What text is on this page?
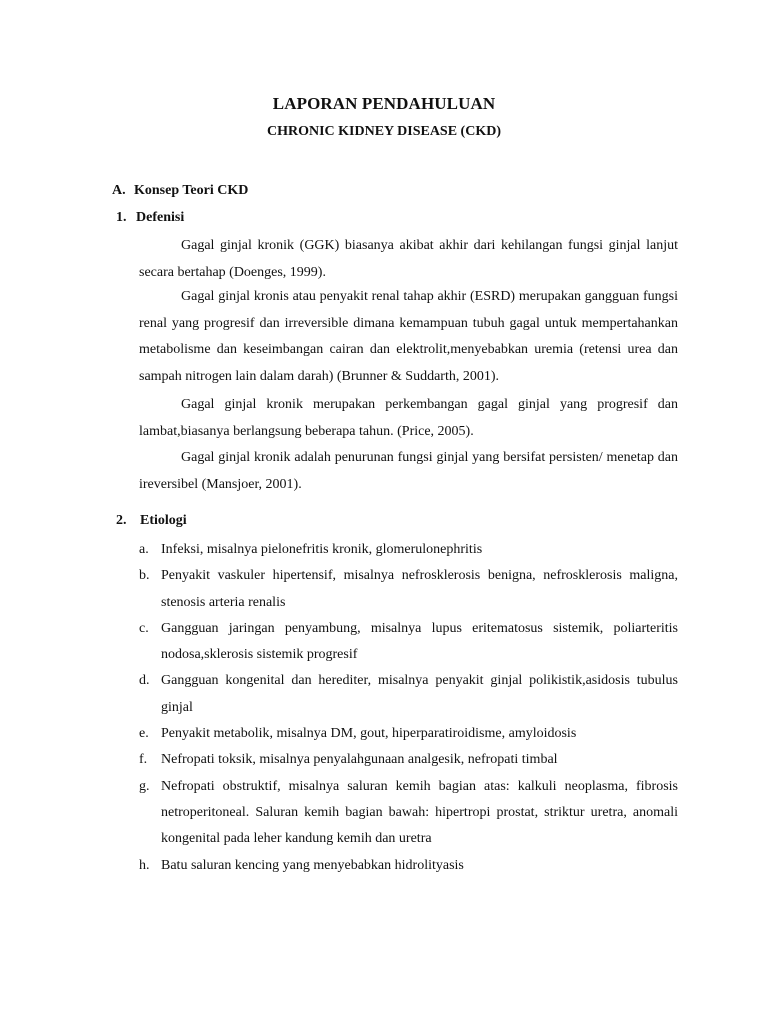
LAPORAN PENDAHULUAN
CHRONIC KIDNEY DISEASE (CKD)
A. Konsep Teori CKD
1. Defenisi

Gagal ginjal kronik (GGK) biasanya akibat akhir dari kehilangan fungsi ginjal lanjut secara bertahap (Doenges, 1999).

Gagal ginjal kronis atau penyakit renal tahap akhir (ESRD) merupakan gangguan fungsi renal yang progresif dan irreversible dimana kemampuan tubuh gagal untuk mempertahankan metabolisme dan keseimbangan cairan dan elektrolit,menyebabkan uremia (retensi urea dan sampah nitrogen lain dalam darah) (Brunner & Suddarth, 2001).

Gagal ginjal kronik merupakan perkembangan gagal ginjal yang progresif dan lambat,biasanya berlangsung beberapa tahun. (Price, 2005).

Gagal ginjal kronik adalah penurunan fungsi ginjal yang bersifat persisten/ menetap dan ireversibel (Mansjoer, 2001).

2. Etiologi
a. Infeksi, misalnya pielonefritis kronik, glomerulonephritis
b. Penyakit vaskuler hipertensif, misalnya nefrosklerosis benigna, nefrosklerosis maligna, stenosis arteria renalis
c. Gangguan jaringan penyambung, misalnya lupus eritematosus sistemik, poliarteritis nodosa,sklerosis sistemik progresif
d. Gangguan kongenital dan herediter, misalnya penyakit ginjal polikistik,asidosis tubulus ginjal
e. Penyakit metabolik, misalnya DM, gout, hiperparatiroidisme, amyloidosis
f. Nefropati toksik, misalnya penyalahgunaan analgesik, nefropati timbal
g. Nefropati obstruktif, misalnya saluran kemih bagian atas: kalkuli neoplasma, fibrosis netroperitoneal. Saluran kemih bagian bawah: hipertropi prostat, striktur uretra, anomali kongenital pada leher kandung kemih dan uretra
h. Batu saluran kencing yang menyebabkan hidrolityasis
